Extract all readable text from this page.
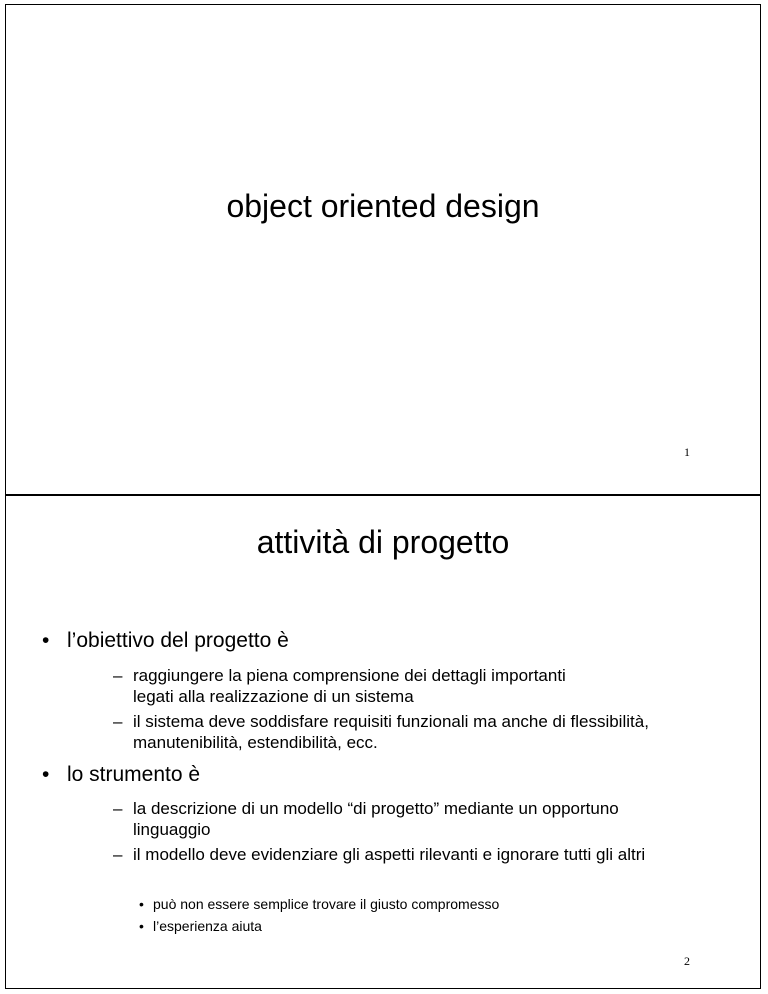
object oriented design
1
attività di progetto
• l’obiettivo del progetto è
– raggiungere la piena comprensione dei dettagli importanti legati alla realizzazione di un sistema
– il sistema deve soddisfare requisiti funzionali ma anche di flessibilità, manutenibilità, estendibilità, ecc.
• lo strumento è
– la descrizione di un modello “di progetto” mediante un opportuno linguaggio
– il modello deve evidenziare gli aspetti rilevanti e ignorare tutti gli altri
• può non essere semplice trovare il giusto compromesso
• l’esperienza aiuta
2
